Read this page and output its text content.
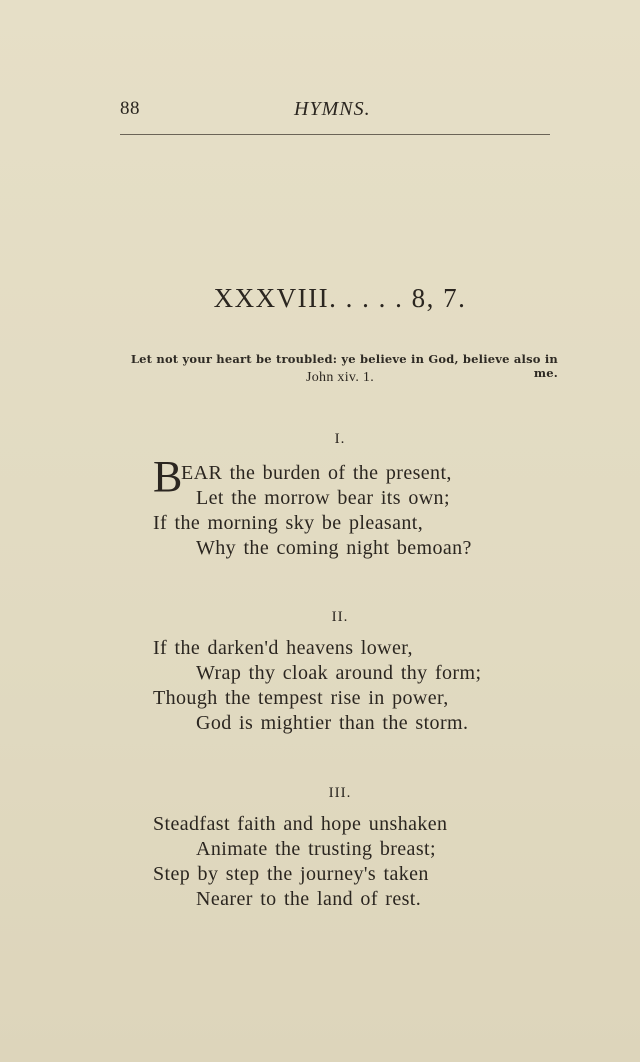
88	HYMNS.
XXXVIII. . . . . 8, 7.
Let not your heart be troubled: ye believe in God, believe also in me.
John xiv. 1.
I.
B
EAR the burden of the present,
Let the morrow bear its own;
If the morning sky be pleasant,
Why the coming night bemoan?
II.
If the darken'd heavens lower,
Wrap thy cloak around thy form;
Though the tempest rise in power,
God is mightier than the storm.
III.
Steadfast faith and hope unshaken
Animate the trusting breast;
Step by step the journey's taken
Nearer to the land of rest.
